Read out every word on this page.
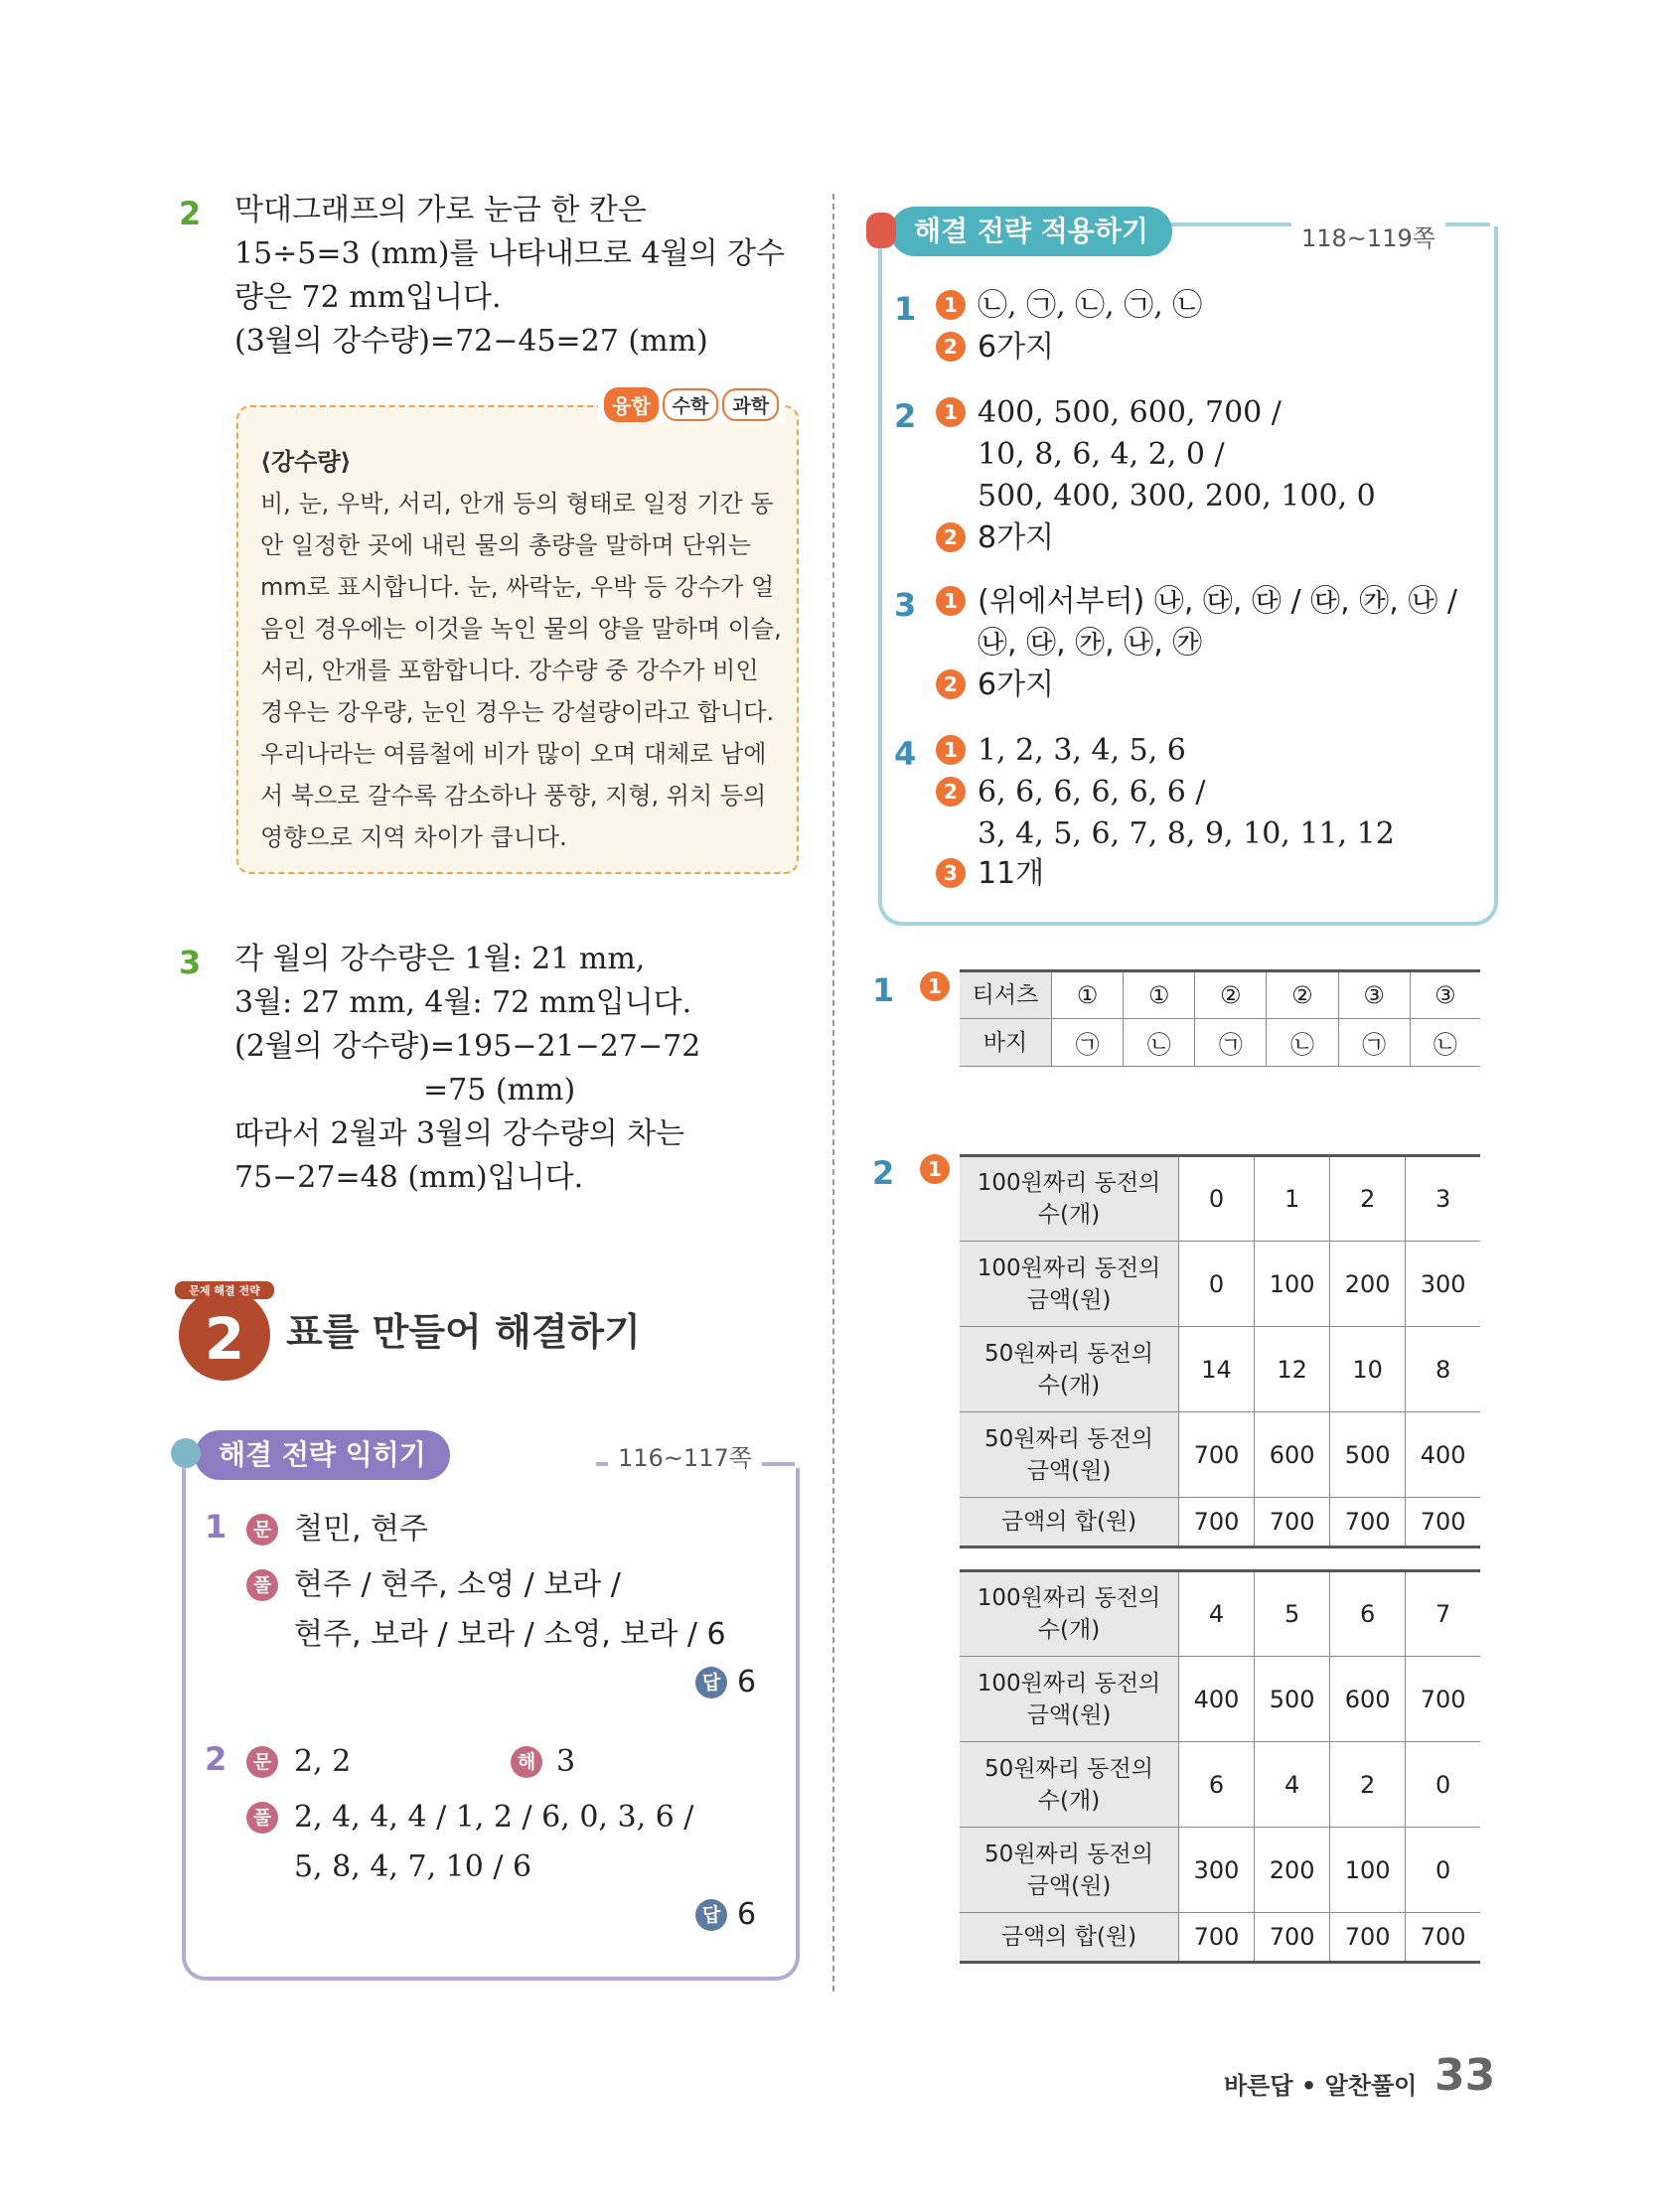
2 막대그래프의 가로 눈금 한 칸은
15÷5=3 (mm)를 나타내므로 4월의 강수
량은 72 mm입니다.
(3월의 강수량)=72−45=27 (mm)
융합	수학	과학
⟨강수량⟩
비, 눈, 우박, 서리, 안개 등의 형태로 일정 기간 동
안 일정한 곳에 내린 물의 총량을 말하며 단위는
mm로 표시합니다. 눈, 싸락눈, 우박 등 강수가 얼
음인 경우에는 이것을 녹인 물의 양을 말하며 이슬,
서리, 안개를 포함합니다. 강수량 중 강수가 비인
경우는 강우량, 눈인 경우는 강설량이라고 합니다.
우리나라는 여름철에 비가 많이 오며 대체로 남에
서 북으로 갈수록 감소하나 풍향, 지형, 위치 등의
영향으로 지역 차이가 큽니다.
3 각 월의 강수량은 1월: 21 mm,
3월: 27 mm, 4월: 72 mm입니다.
(2월의 강수량)=195−21−27−72
=75 (mm)
따라서 2월과 3월의 강수량의 차는
75−27=48 (mm)입니다.
2
문제 해결 전략
표를 만들어 해결하기
해결 전략 익히기	116~117쪽
1	문 철민, 현주
풀 현주 / 현주, 소영 / 보라 /
현주, 보라 / 보라 / 소영, 보라 / 6
답 6
2	문 2, 2	해 3
풀 2, 4, 4, 4 / 1, 2 / 6, 0, 3, 6 /
5, 8, 4, 7, 10 / 6
답 6
해결 전략 적용하기	118~119쪽
1	1 ㉡, ㉠, ㉡, ㉠, ㉡
2 6가지
2	1 400, 500, 600, 700 /
10, 8, 6, 4, 2, 0 /
500, 400, 300, 200, 100, 0
2 8가지
3	1 (위에서부터) ㉯, ㉰, ㉰ / ㉰, ㉮, ㉯ /
㉯, ㉰, ㉮, ㉯, ㉮
2 6가지
4	1 1, 2, 3, 4, 5, 6
2 6, 6, 6, 6, 6, 6 /
3, 4, 5, 6, 7, 8, 9, 10, 11, 12
3 11개
1	1	티셔츠	①	①	②	②	③	③
바지	㉠	㉡	㉠	㉡	㉠	㉡
2	1
100원짜리 동전의
수(개)	0	1	2	3

100원짜리 동전의
금액(원)	0	100	200	300

50원짜리 동전의
수(개)	14	12	10	8

50원짜리 동전의
금액(원)	700	600	500	400

금액의 합(원)	700	700	700	700
100원짜리 동전의
수(개)	4	5	6	7

100원짜리 동전의
금액(원)	400	500	600	700

50원짜리 동전의
수(개)	6	4	2	0

50원짜리 동전의
금액(원)	300	200	100	0

금액의 합(원)	700	700	700	700
바른답 • 알찬풀이 33
